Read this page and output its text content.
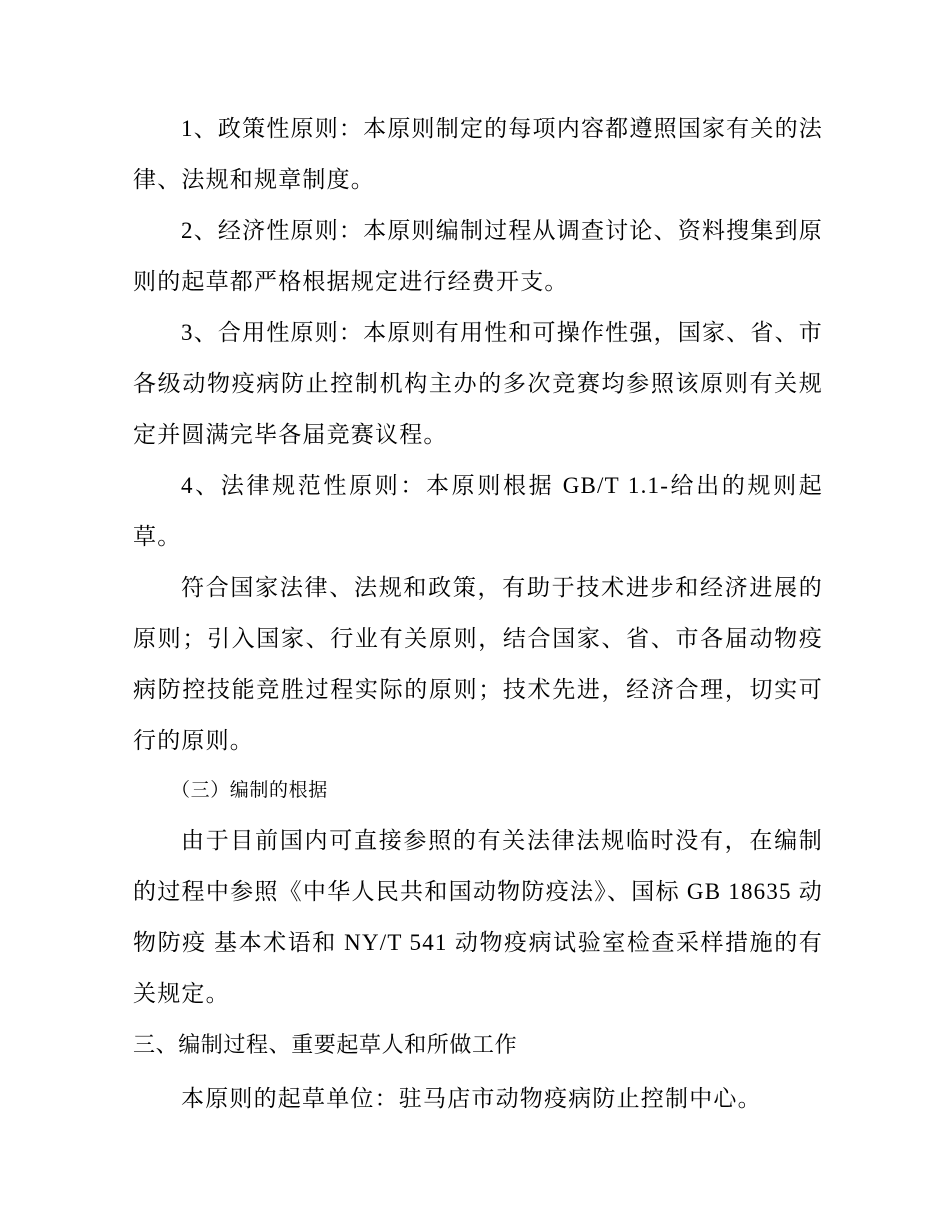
1、政策性原则：本原则制定的每项内容都遵照国家有关的法律、法规和规章制度。

2、经济性原则：本原则编制过程从调查讨论、资料搜集到原则的起草都严格根据规定进行经费开支。

3、合用性原则：本原则有用性和可操作性强，国家、省、市各级动物疫病防止控制机构主办的多次竞赛均参照该原则有关规定并圆满完毕各届竞赛议程。

4、法律规范性原则：本原则根据 GB/T 1.1-给出的规则起草。

符合国家法律、法规和政策，有助于技术进步和经济进展的原则；引入国家、行业有关原则，结合国家、省、市各届动物疫病防控技能竞胜过程实际的原则；技术先进，经济合理，切实可行的原则。

（三）编制的根据

由于目前国内可直接参照的有关法律法规临时没有，在编制的过程中参照《中华人民共和国动物防疫法》、国标 GB 18635 动物防疫 基本术语和 NY/T 541 动物疫病试验室检查采样措施的有关规定。

三、编制过程、重要起草人和所做工作

本原则的起草单位：驻马店市动物疫病防止控制中心。
